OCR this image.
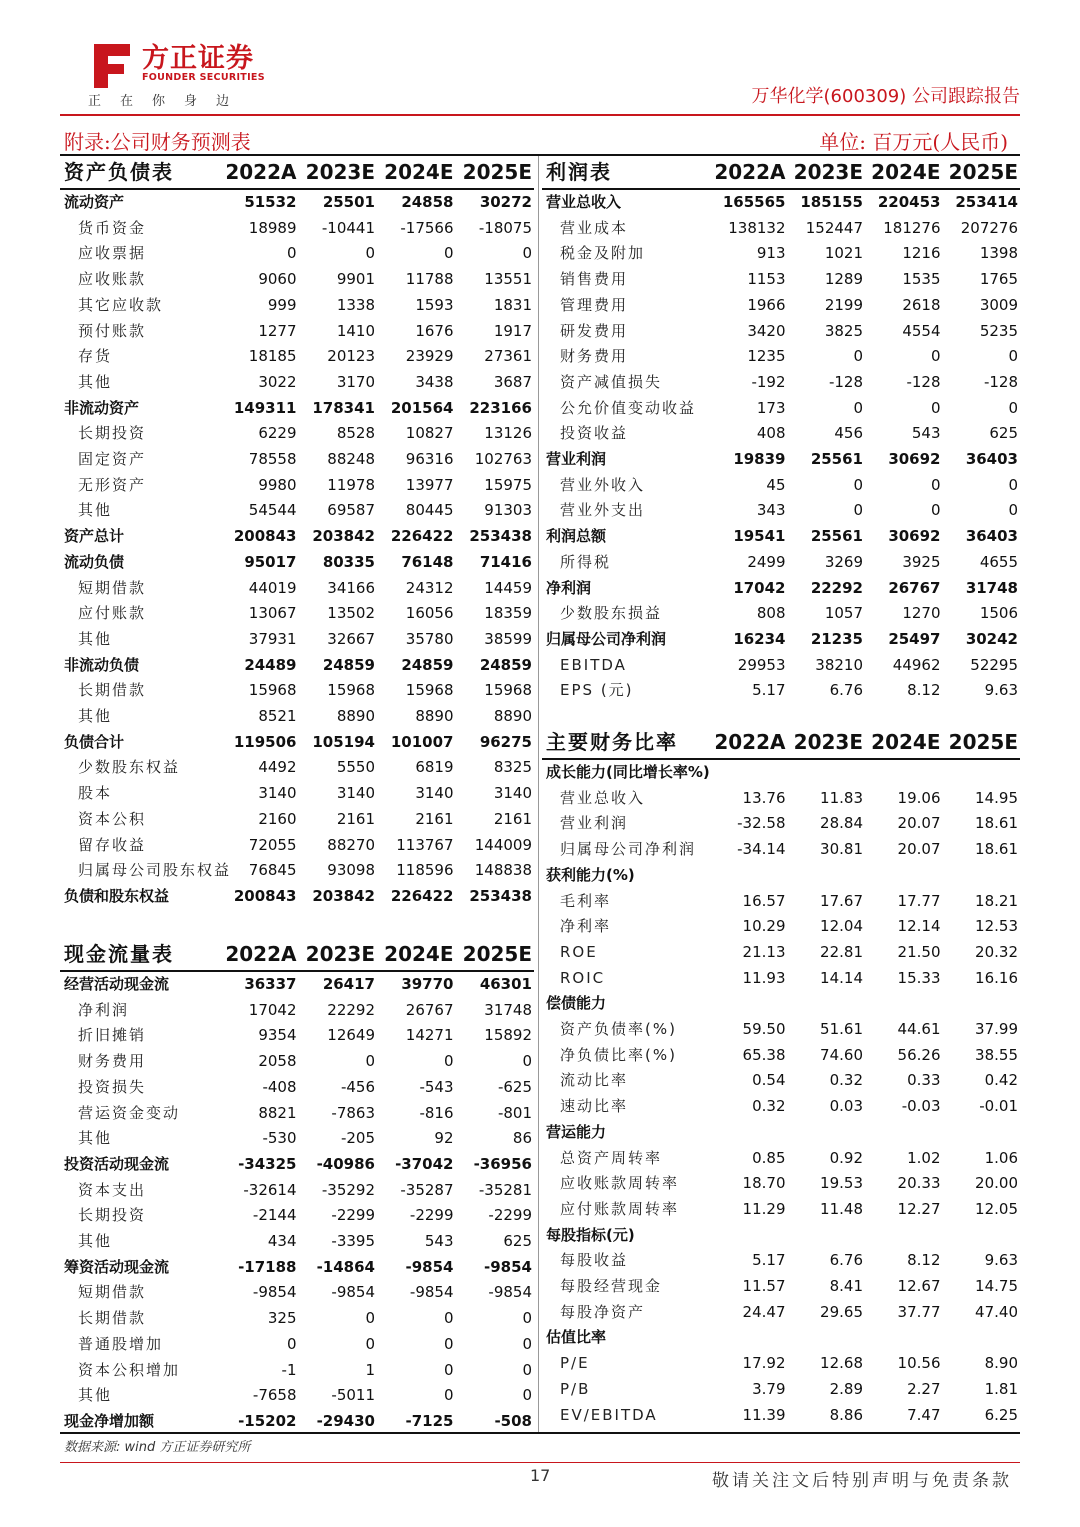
方正证券
FOUNDER SECURITIES
正在你身边	万华化学(600309) 公司跟踪报告
附录:公司财务预测表	单位: 百万元(人民币)
资产负债表	2022A	2023E	2024E	2025E
流动资产	51532	25501	24858	30272
货币资金	18989	-10441	-17566	-18075
应收票据	0	0	0	0
应收账款	9060	9901	11788	13551
其它应收款	999	1338	1593	1831
预付账款	1277	1410	1676	1917
存货	18185	20123	23929	27361
其他	3022	3170	3438	3687
非流动资产	149311	178341	201564	223166
长期投资	6229	8528	10827	13126
固定资产	78558	88248	96316	102763
无形资产	9980	11978	13977	15975
其他	54544	69587	80445	91303
资产总计	200843	203842	226422	253438
流动负债	95017	80335	76148	71416
短期借款	44019	34166	24312	14459
应付账款	13067	13502	16056	18359
其他	37931	32667	35780	38599
非流动负债	24489	24859	24859	24859
长期借款	15968	15968	15968	15968
其他	8521	8890	8890	8890
负债合计	119506	105194	101007	96275
少数股东权益	4492	5550	6819	8325
股本	3140	3140	3140	3140
资本公积	2160	2161	2161	2161
留存收益	72055	88270	113767	144009
归属母公司股东权益	76845	93098	118596	148838
负债和股东权益	200843	203842	226422	253438
现金流量表	2022A	2023E	2024E	2025E
经营活动现金流	36337	26417	39770	46301
净利润	17042	22292	26767	31748
折旧摊销	9354	12649	14271	15892
财务费用	2058	0	0	0
投资损失	-408	-456	-543	-625
营运资金变动	8821	-7863	-816	-801
其他	-530	-205	92	86
投资活动现金流	-34325	-40986	-37042	-36956
资本支出	-32614	-35292	-35287	-35281
长期投资	-2144	-2299	-2299	-2299
其他	434	-3395	543	625
筹资活动现金流	-17188	-14864	-9854	-9854
短期借款	-9854	-9854	-9854	-9854
长期借款	325	0	0	0
普通股增加	0	0	0	0
资本公积增加	-1	1	0	0
其他	-7658	-5011	0	0
现金净增加额	-15202	-29430	-7125	-508
利润表	2022A	2023E	2024E	2025E
营业总收入	165565	185155	220453	253414
营业成本	138132	152447	181276	207276
税金及附加	913	1021	1216	1398
销售费用	1153	1289	1535	1765
管理费用	1966	2199	2618	3009
研发费用	3420	3825	4554	5235
财务费用	1235	0	0	0
资产减值损失	-192	-128	-128	-128
公允价值变动收益	173	0	0	0
投资收益	408	456	543	625
营业利润	19839	25561	30692	36403
营业外收入	45	0	0	0
营业外支出	343	0	0	0
利润总额	19541	25561	30692	36403
所得税	2499	3269	3925	4655
净利润	17042	22292	26767	31748
少数股东损益	808	1057	1270	1506
归属母公司净利润	16234	21235	25497	30242
EBITDA	29953	38210	44962	52295
EPS (元)	5.17	6.76	8.12	9.63
主要财务比率	2022A	2023E	2024E	2025E
成长能力(同比增长率%)				
营业总收入	13.76	11.83	19.06	14.95
营业利润	-32.58	28.84	20.07	18.61
归属母公司净利润	-34.14	30.81	20.07	18.61
获利能力(%)				
毛利率	16.57	17.67	17.77	18.21
净利率	10.29	12.04	12.14	12.53
ROE	21.13	22.81	21.50	20.32
ROIC	11.93	14.14	15.33	16.16
偿债能力				
资产负债率(%)	59.50	51.61	44.61	37.99
净负债比率(%)	65.38	74.60	56.26	38.55
流动比率	0.54	0.32	0.33	0.42
速动比率	0.32	0.03	-0.03	-0.01
营运能力				
总资产周转率	0.85	0.92	1.02	1.06
应收账款周转率	18.70	19.53	20.33	20.00
应付账款周转率	11.29	11.48	12.27	12.05
每股指标(元)				
每股收益	5.17	6.76	8.12	9.63
每股经营现金	11.57	8.41	12.67	14.75
每股净资产	24.47	29.65	37.77	47.40
估值比率				
P/E	17.92	12.68	10.56	8.90
P/B	3.79	2.89	2.27	1.81
EV/EBITDA	11.39	8.86	7.47	6.25
数据来源: wind 方正证券研究所
17	敬请关注文后特别声明与免责条款
